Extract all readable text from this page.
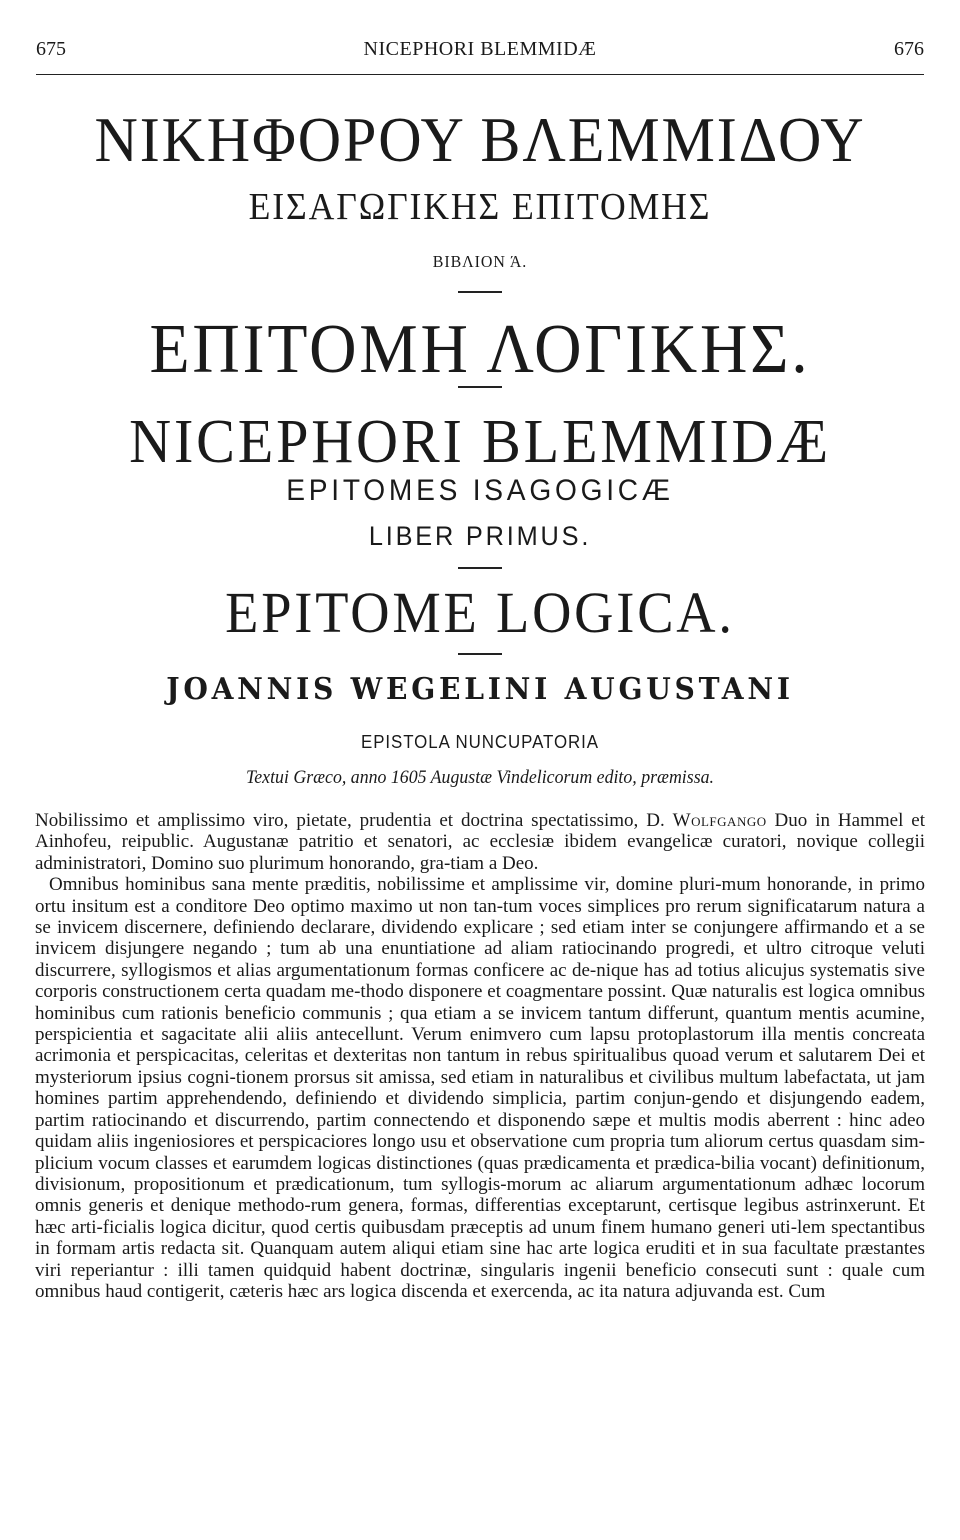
675	NICEPHORI BLEMMIDÆ	676
ΝΙΚΗΦΟΡΟΥ ΒΛΕΜΜΙΔΟΥ
ΕΙΣΑΓΩΓΙΚΗΣ ΕΠΙΤΟΜΗΣ
ΒΙΒΛΙΟΝ Ά.
ΕΠΙΤΟΜΗ ΛΟΓΙΚΗΣ.
NICEPHORI BLEMMIDÆ
EPITOMES ISAGOGICÆ
LIBER PRIMUS.
EPITOME LOGICA.
JOANNIS WEGELINI AUGUSTANI
EPISTOLA NUNCUPATORIA
Textui Græco, anno 1605 Augustæ Vindelicorum edito, præmissa.

Nobilissimo et amplissimo viro, pietate, prudentia et doctrina spectatissimo, D. Wolfgango Duo in Hammel et Ainhofeu, reipublic. Augustanæ patritio et senatori, ac ecclesiæ ibidem evangelicæ curatori, novique collegii administratori, Domino suo plurimum honorando, gra-tiam a Deo.

Omnibus hominibus sana mente præditis, nobilissime et amplissime vir, domine pluri-mum honorande, in primo ortu insitum est a conditore Deo optimo maximo ut non tan-tum voces simplices pro rerum significatarum natura a se invicem discernere, definiendo declarare, dividendo explicare ; sed etiam inter se conjungere affirmando et a se invicem disjungere negando ; tum ab una enuntiatione ad aliam ratiocinando progredi, et ultro citroque veluti discurrere, syllogismos et alias argumentationum formas conficere ac de-nique has ad totius alicujus systematis sive corporis constructionem certa quadam me-thodo disponere et coagmentare possint. Quæ naturalis est logica omnibus hominibus cum rationis beneficio communis ; qua etiam a se invicem tantum differunt, quantum mentis acumine, perspicientia et sagacitate alii aliis antecellunt. Verum enimvero cum lapsu protoplastorum illa mentis concreata acrimonia et perspicacitas, celeritas et dexteritas non tantum in rebus spiritualibus quoad verum et salutarem Dei et mysteriorum ipsius cogni-tionem prorsus sit amissa, sed etiam in naturalibus et civilibus multum labefactata, ut jam homines partim apprehendendo, definiendo et dividendo simplicia, partim conjun-gendo et disjungendo eadem, partim ratiocinando et discurrendo, partim connectendo et disponendo sæpe et multis modis aberrent : hinc adeo quidam aliis ingeniosiores et perspicaciores longo usu et observatione cum propria tum aliorum certus quasdam sim-plicium vocum classes et earumdem logicas distinctiones (quas prædicamenta et prædica-bilia vocant) definitionum, divisionum, propositionum et prædicationum, tum syllogis-morum ac aliarum argumentationum adhæc locorum omnis generis et denique methodo-rum genera, formas, differentias exceptarunt, certisque legibus astrinxerunt. Et hæc arti-ficialis logica dicitur, quod certis quibusdam præceptis ad unum finem humano generi uti-lem spectantibus in formam artis redacta sit. Quanquam autem aliqui etiam sine hac arte logica eruditi et in sua facultate præstantes viri reperiantur : illi tamen quidquid habent doctrinæ, singularis ingenii beneficio consecuti sunt : quale cum omnibus haud contigerit, cæteris hæc ars logica discenda et exercenda, ac ita natura adjuvanda est. Cum
